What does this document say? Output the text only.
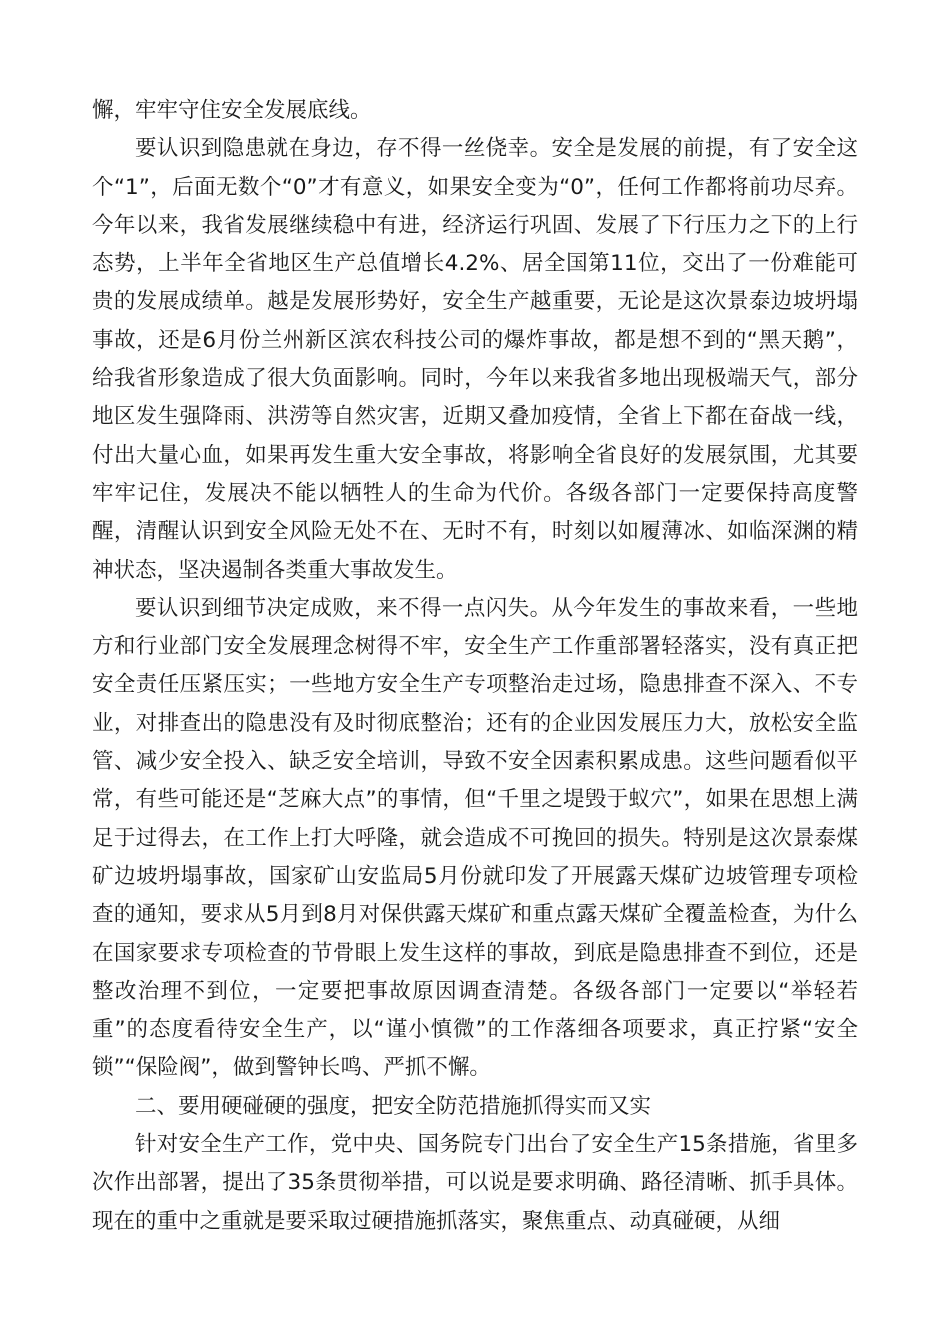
懈，牢牢守住安全发展底线。

要认识到隐患就在身边，存不得一丝侥幸。安全是发展的前提，有了安全这个“1”，后面无数个“0”才有意义，如果安全变为“0”，任何工作都将前功尽弃。今年以来，我省发展继续稳中有进，经济运行巩固、发展了下行压力之下的上行态势，上半年全省地区生产总值增长4.2%、居全国第11位，交出了一份难能可贵的发展成绩单。越是发展形势好，安全生产越重要，无论是这次景泰边坡坍塌事故，还是6月份兰州新区滨农科技公司的爆炸事故，都是想不到的“黑天鹅”，给我省形象造成了很大负面影响。同时，今年以来我省多地出现极端天气，部分地区发生强降雨、洪涝等自然灾害，近期又叠加疫情，全省上下都在奋战一线，付出大量心血，如果再发生重大安全事故，将影响全省良好的发展氛围，尤其要牢牢记住，发展决不能以牺牲人的生命为代价。各级各部门一定要保持高度警醒，清醒认识到安全风险无处不在、无时不有，时刻以如履薄冰、如临深渊的精神状态，坚决遏制各类重大事故发生。

要认识到细节决定成败，来不得一点闪失。从今年发生的事故来看，一些地方和行业部门安全发展理念树得不牢，安全生产工作重部署轻落实，没有真正把安全责任压紧压实；一些地方安全生产专项整治走过场，隐患排查不深入、不专业，对排查出的隐患没有及时彻底整治；还有的企业因发展压力大，放松安全监管、减少安全投入、缺乏安全培训，导致不安全因素积累成患。这些问题看似平常，有些可能还是“芝麻大点”的事情，但“千里之堤毁于蚁穴”，如果在思想上满足于过得去，在工作上打大呼隆，就会造成不可挽回的损失。特别是这次景泰煤矿边坡坍塌事故，国家矿山安监局5月份就印发了开展露天煤矿边坡管理专项检查的通知，要求从5月到8月对保供露天煤矿和重点露天煤矿全覆盖检查，为什么在国家要求专项检查的节骨眼上发生这样的事故，到底是隐患排查不到位，还是整改治理不到位，一定要把事故原因调查清楚。各级各部门一定要以“举轻若重”的态度看待安全生产，以“谨小慎微”的工作落细各项要求，真正拧紧“安全锁”“保险阀”，做到警钟长鸣、严抓不懈。

二、要用硬碰硬的强度，把安全防范措施抓得实而又实

针对安全生产工作，党中央、国务院专门出台了安全生产15条措施，省里多次作出部署，提出了35条贯彻举措，可以说是要求明确、路径清晰、抓手具体。现在的重中之重就是要采取过硬措施抓落实，聚焦重点、动真碰硬，从细
